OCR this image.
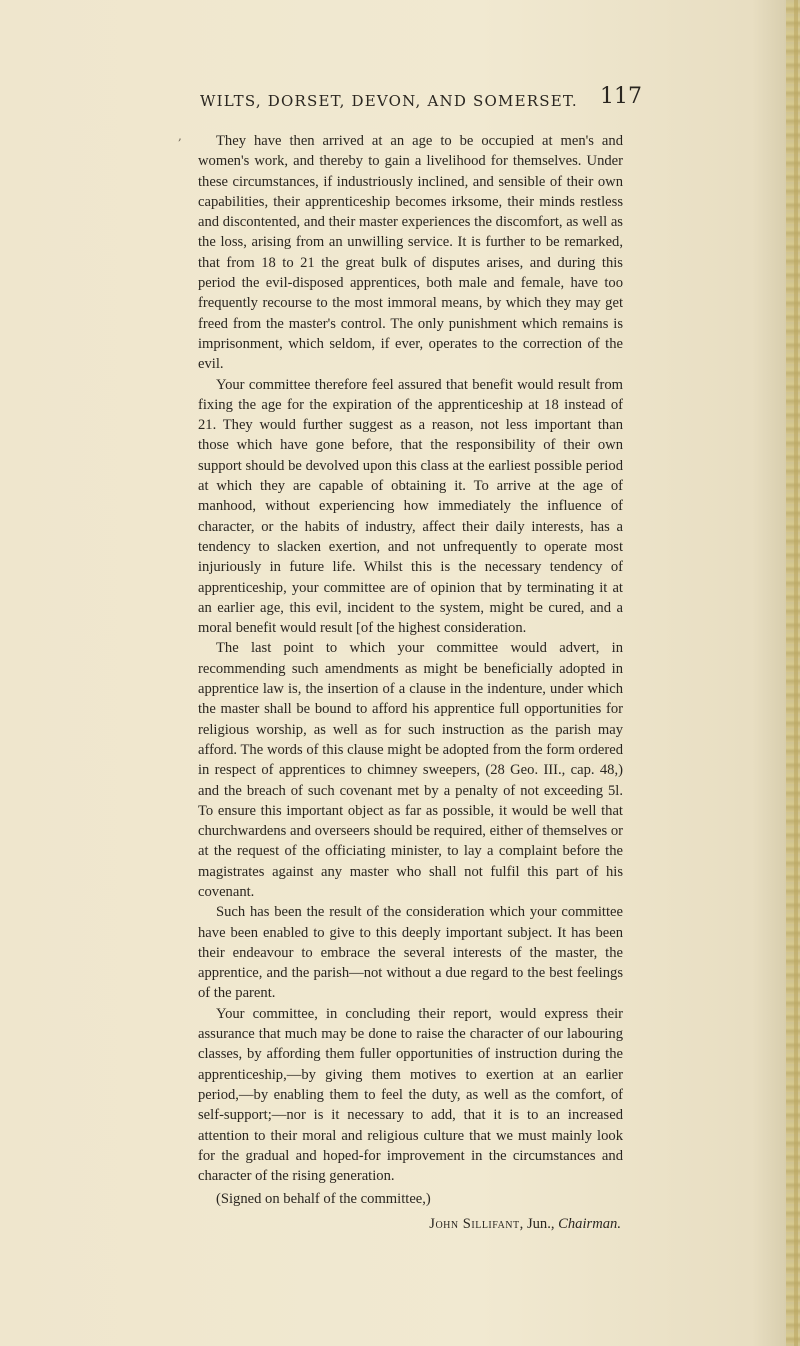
WILTS, DORSET, DEVON, AND SOMERSET. 117
,	They have then arrived at an age to be occupied at men's and women's work, and thereby to gain a livelihood for themselves. Under these circumstances, if industriously inclined, and sensible of their own capabilities, their apprenticeship becomes irksome, their minds restless and discontented, and their master experiences the discomfort, as well as the loss, arising from an unwilling service. It is further to be remarked, that from 18 to 21 the great bulk of disputes arises, and during this period the evil-disposed apprentices, both male and female, have too frequently recourse to the most immoral means, by which they may get freed from the master's control. The only punishment which remains is imprisonment, which seldom, if ever, operates to the correction of the evil.

Your committee therefore feel assured that benefit would result from fixing the age for the expiration of the apprenticeship at 18 instead of 21. They would further suggest as a reason, not less important than those which have gone before, that the responsibility of their own support should be devolved upon this class at the earliest possible period at which they are capable of obtaining it. To arrive at the age of manhood, without experiencing how immediately the influence of character, or the habits of industry, affect their daily interests, has a tendency to slacken exertion, and not unfrequently to operate most injuriously in future life. Whilst this is the necessary tendency of apprenticeship, your committee are of opinion that by terminating it at an earlier age, this evil, incident to the system, might be cured, and a moral benefit would result [of the highest consideration.

The last point to which your committee would advert, in recommending such amendments as might be beneficially adopted in apprentice law is, the insertion of a clause in the indenture, under which the master shall be bound to afford his apprentice full opportunities for religious worship, as well as for such instruction as the parish may afford. The words of this clause might be adopted from the form ordered in respect of apprentices to chimney sweepers, (28 Geo. III., cap. 48,) and the breach of such covenant met by a penalty of not exceeding 5l. To ensure this important object as far as possible, it would be well that churchwardens and overseers should be required, either of themselves or at the request of the officiating minister, to lay a complaint before the magistrates against any master who shall not fulfil this part of his covenant.

Such has been the result of the consideration which your committee have been enabled to give to this deeply important subject. It has been their endeavour to embrace the several interests of the master, the apprentice, and the parish—not without a due regard to the best feelings of the parent.

Your committee, in concluding their report, would express their assurance that much may be done to raise the character of our labouring classes, by affording them fuller opportunities of instruction during the apprenticeship,—by giving them motives to exertion at an earlier period,—by enabling them to feel the duty, as well as the comfort, of self-support;—nor is it necessary to add, that it is to an increased attention to their moral and religious culture that we must mainly look for the gradual and hoped-for improvement in the circumstances and character of the rising generation.

(Signed on behalf of the committee,)

John Sillifant, Jun., Chairman.
